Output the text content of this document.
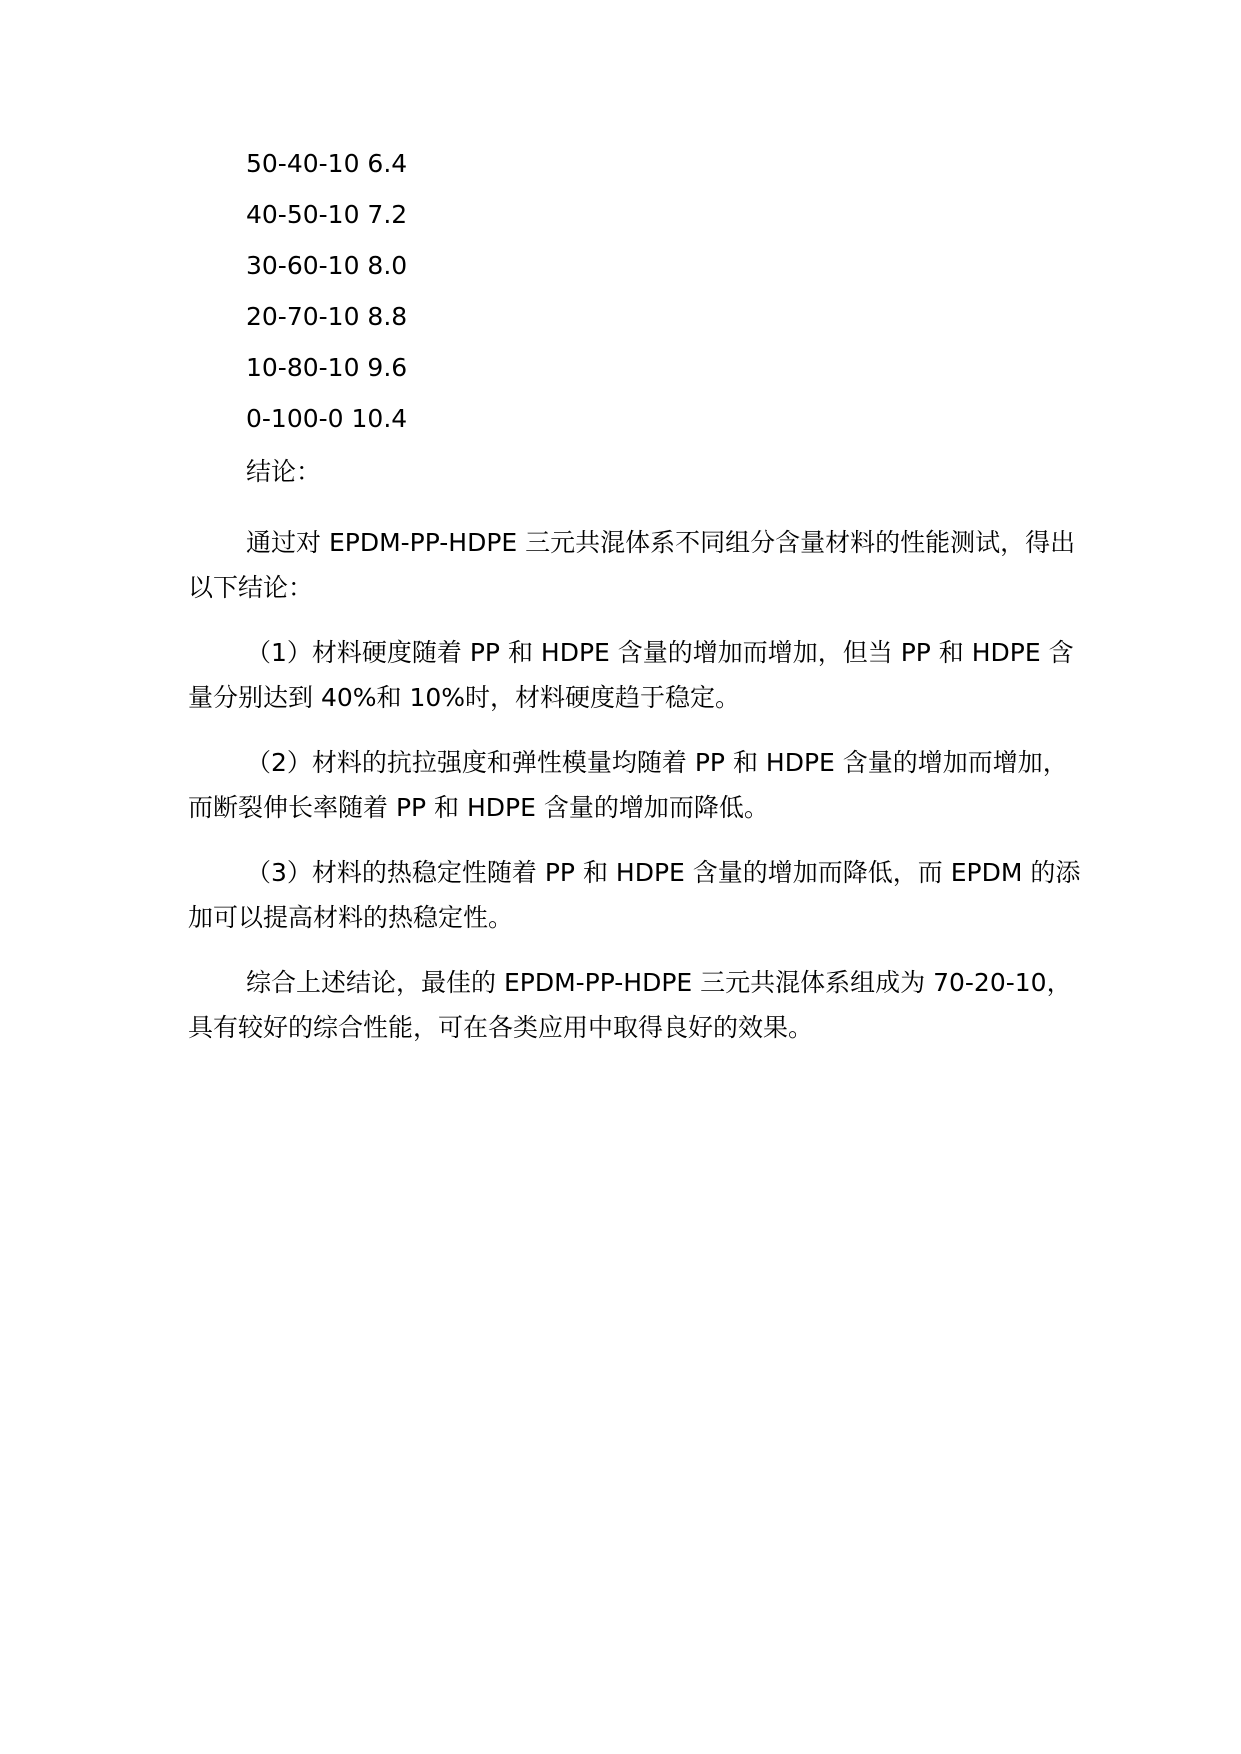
50-40-10 6.4
40-50-10 7.2
30-60-10 8.0
20-70-10 8.8
10-80-10 9.6
0-100-0 10.4
结论：

通过对 EPDM-PP-HDPE 三元共混体系不同组分含量材料的性能测试，得出以下结论：

（1）材料硬度随着 PP 和 HDPE 含量的增加而增加，但当 PP 和 HDPE 含量分别达到 40%和 10%时，材料硬度趋于稳定。

（2）材料的抗拉强度和弹性模量均随着 PP 和 HDPE 含量的增加而增加，而断裂伸长率随着 PP 和 HDPE 含量的增加而降低。

（3）材料的热稳定性随着 PP 和 HDPE 含量的增加而降低，而 EPDM 的添加可以提高材料的热稳定性。

综合上述结论，最佳的 EPDM-PP-HDPE 三元共混体系组成为 70-20-10，具有较好的综合性能，可在各类应用中取得良好的效果。
